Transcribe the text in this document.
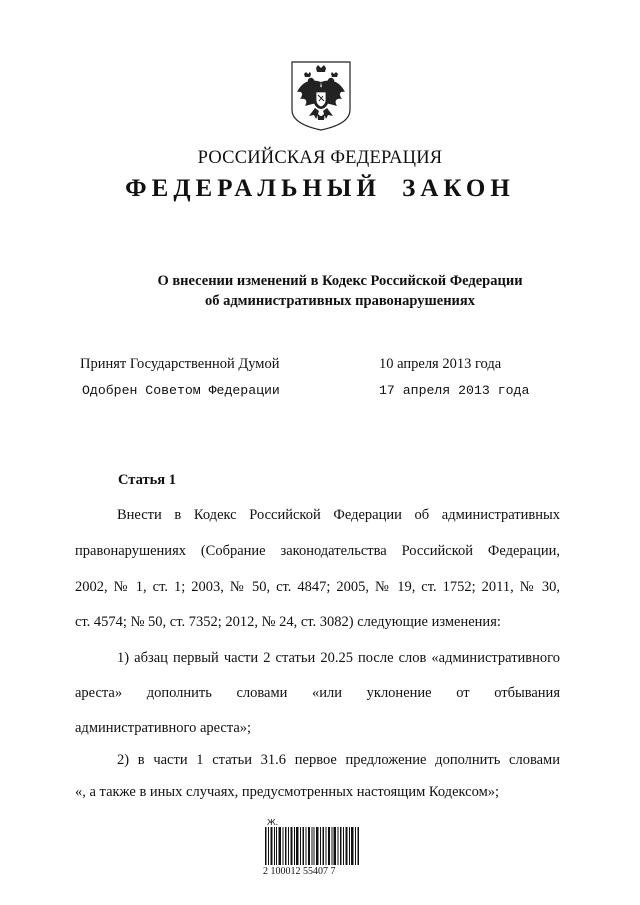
РОССИЙСКАЯ ФЕДЕРАЦИЯ
ФЕДЕРАЛЬНЫЙ ЗАКОН
О внесении изменений в Кодекс Российской Федерации
об административных правонарушениях
Принят Государственной Думой	10 апреля 2013 года
Одобрен Советом Федерации	17 апреля 2013 года
Статья 1
Внести в Кодекс Российской Федерации об административных
правонарушениях (Собрание законодательства Российской Федерации,
2002, № 1, ст. 1; 2003, № 50, ст. 4847; 2005, № 19, ст. 1752; 2011, № 30,
ст. 4574; № 50, ст. 7352; 2012, № 24, ст. 3082) следующие изменения:
1) абзац первый части 2 статьи 20.25 после слов «административного
ареста» дополнить словами «или уклонение от отбывания
административного ареста»;
2) в части 1 статьи 31.6 первое предложение дополнить словами
«, а также в иных случаях, предусмотренных настоящим Кодексом»;
Ж.
2 100012 55407 7
